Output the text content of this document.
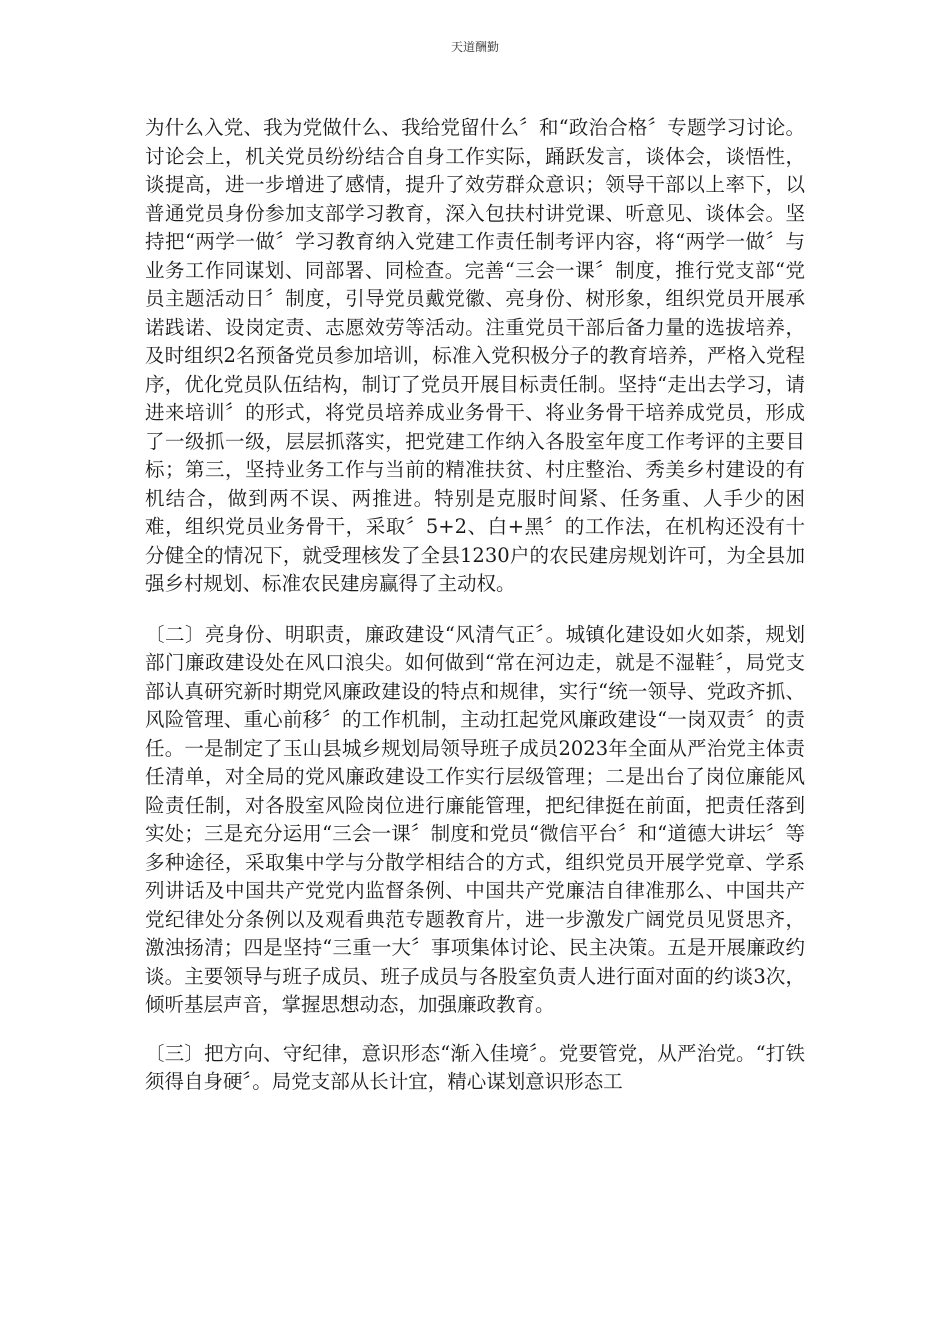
天道酬勤

为什么入党、我为党做什么、我给党留什么〞和“政治合格〞专题学习讨论。讨论会上，机关党员纷纷结合自身工作实际，踊跃发言，谈体会，谈悟性，谈提高，进一步增进了感情，提升了效劳群众意识；领导干部以上率下，以普通党员身份参加支部学习教育，深入包扶村讲党课、听意见、谈体会。坚持把“两学一做〞学习教育纳入党建工作责任制考评内容，将“两学一做〞与业务工作同谋划、同部署、同检查。完善“三会一课〞制度，推行党支部“党员主题活动日〞制度，引导党员戴党徽、亮身份、树形象，组织党员开展承诺践诺、设岗定责、志愿效劳等活动。注重党员干部后备力量的选拔培养，及时组织2名预备党员参加培训，标准入党积极分子的教育培养，严格入党程序，优化党员队伍结构，制订了党员开展目标责任制。坚持“走出去学习，请进来培训〞的形式，将党员培养成业务骨干、将业务骨干培养成党员，形成了一级抓一级，层层抓落实，把党建工作纳入各股室年度工作考评的主要目标；第三，坚持业务工作与当前的精准扶贫、村庄整治、秀美乡村建设的有机结合，做到两不误、两推进。特别是克服时间紧、任务重、人手少的困难，组织党员业务骨干，采取〞5+2、白+黑〞的工作法，在机构还没有十分健全的情况下，就受理核发了全县1230户的农民建房规划许可，为全县加强乡村规划、标准农民建房赢得了主动权。

〔二〕亮身份、明职责，廉政建设“风清气正〞。城镇化建设如火如荼，规划部门廉政建设处在风口浪尖。如何做到“常在河边走，就是不湿鞋〞，局党支部认真研究新时期党风廉政建设的特点和规律，实行“统一领导、党政齐抓、风险管理、重心前移〞的工作机制，主动扛起党风廉政建设“一岗双责〞的责任。一是制定了玉山县城乡规划局领导班子成员2023年全面从严治党主体责任清单，对全局的党风廉政建设工作实行层级管理；二是出台了岗位廉能风险责任制，对各股室风险岗位进行廉能管理，把纪律挺在前面，把责任落到实处；三是充分运用“三会一课〞制度和党员“微信平台〞和“道德大讲坛〞等多种途径，采取集中学与分散学相结合的方式，组织党员开展学党章、学系列讲话及中国共产党党内监督条例、中国共产党廉洁自律准那么、中国共产党纪律处分条例以及观看典范专题教育片，进一步激发广阔党员见贤思齐，激浊扬清；四是坚持“三重一大〞事项集体讨论、民主决策。五是开展廉政约谈。主要领导与班子成员、班子成员与各股室负责人进行面对面的约谈3次，倾听基层声音，掌握思想动态，加强廉政教育。

〔三〕把方向、守纪律，意识形态“渐入佳境〞。党要管党，从严治党。“打铁须得自身硬〞。局党支部从长计宜，精心谋划意识形态工
